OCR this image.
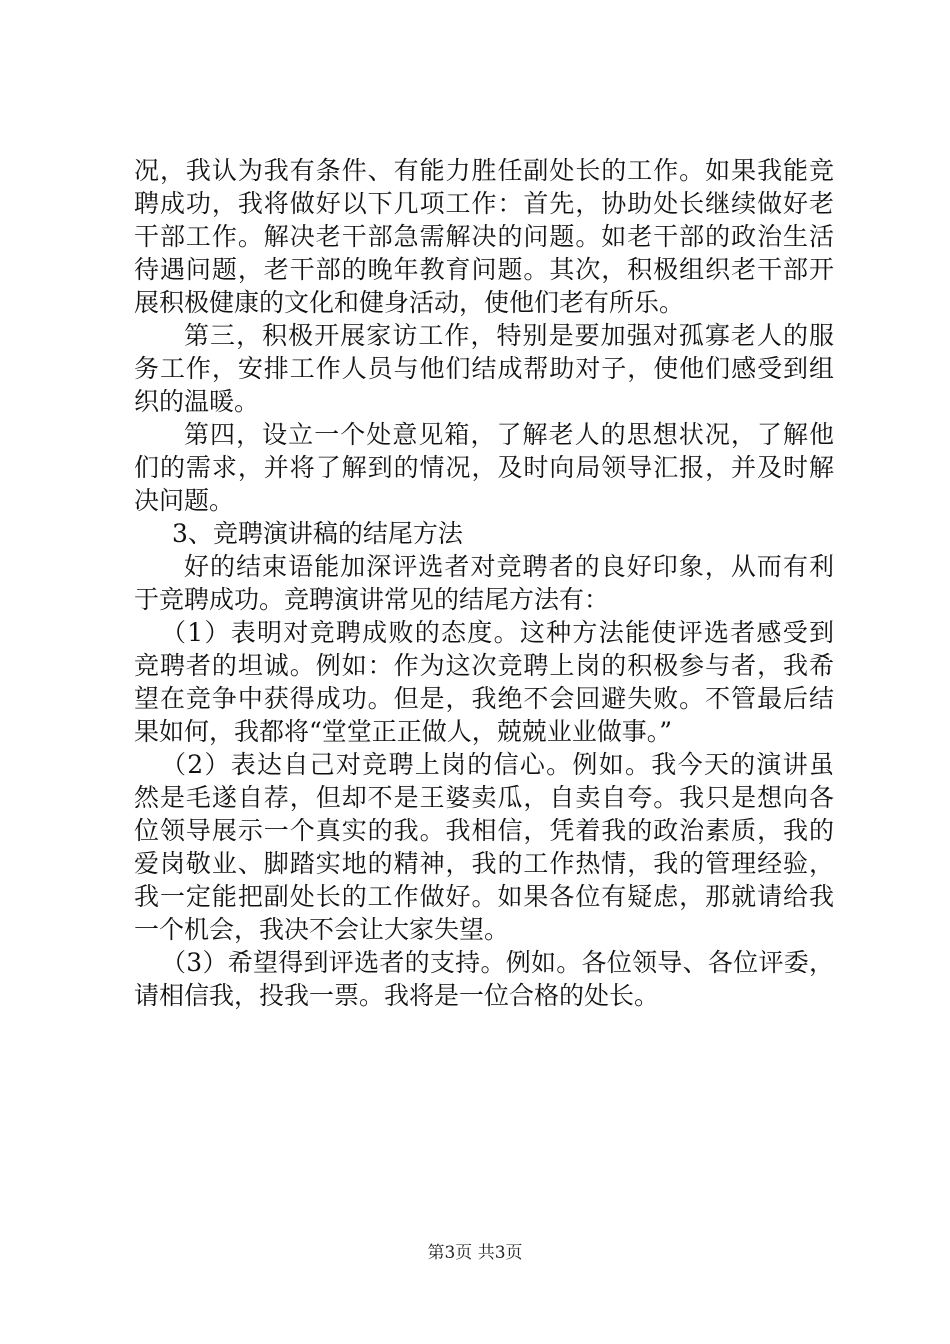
况，我认为我有条件、有能力胜任副处长的工作。如果我能竞
聘成功，我将做好以下几项工作：首先，协助处长继续做好老
干部工作。解决老干部急需解决的问题。如老干部的政治生活
待遇问题，老干部的晚年教育问题。其次，积极组织老干部开
展积极健康的文化和健身活动，使他们老有所乐。
第三，积极开展家访工作，特别是要加强对孤寡老人的服
务工作，安排工作人员与他们结成帮助对子，使他们感受到组
织的温暖。
第四，设立一个处意见箱，了解老人的思想状况，了解他
们的需求，并将了解到的情况，及时向局领导汇报，并及时解
决问题。
3、竞聘演讲稿的结尾方法
好的结束语能加深评选者对竞聘者的良好印象，从而有利
于竞聘成功。竞聘演讲常见的结尾方法有：
（1）表明对竞聘成败的态度。这种方法能使评选者感受到
竞聘者的坦诚。例如：作为这次竞聘上岗的积极参与者，我希
望在竞争中获得成功。但是，我绝不会回避失败。不管最后结
果如何，我都将“堂堂正正做人，兢兢业业做事。”
（2）表达自己对竞聘上岗的信心。例如。我今天的演讲虽
然是毛遂自荐，但却不是王婆卖瓜，自卖自夸。我只是想向各
位领导展示一个真实的我。我相信，凭着我的政治素质，我的
爱岗敬业、脚踏实地的精神，我的工作热情，我的管理经验，
我一定能把副处长的工作做好。如果各位有疑虑，那就请给我
一个机会，我决不会让大家失望。
（3）希望得到评选者的支持。例如。各位领导、各位评委，
请相信我，投我一票。我将是一位合格的处长。
第3页 共3页
